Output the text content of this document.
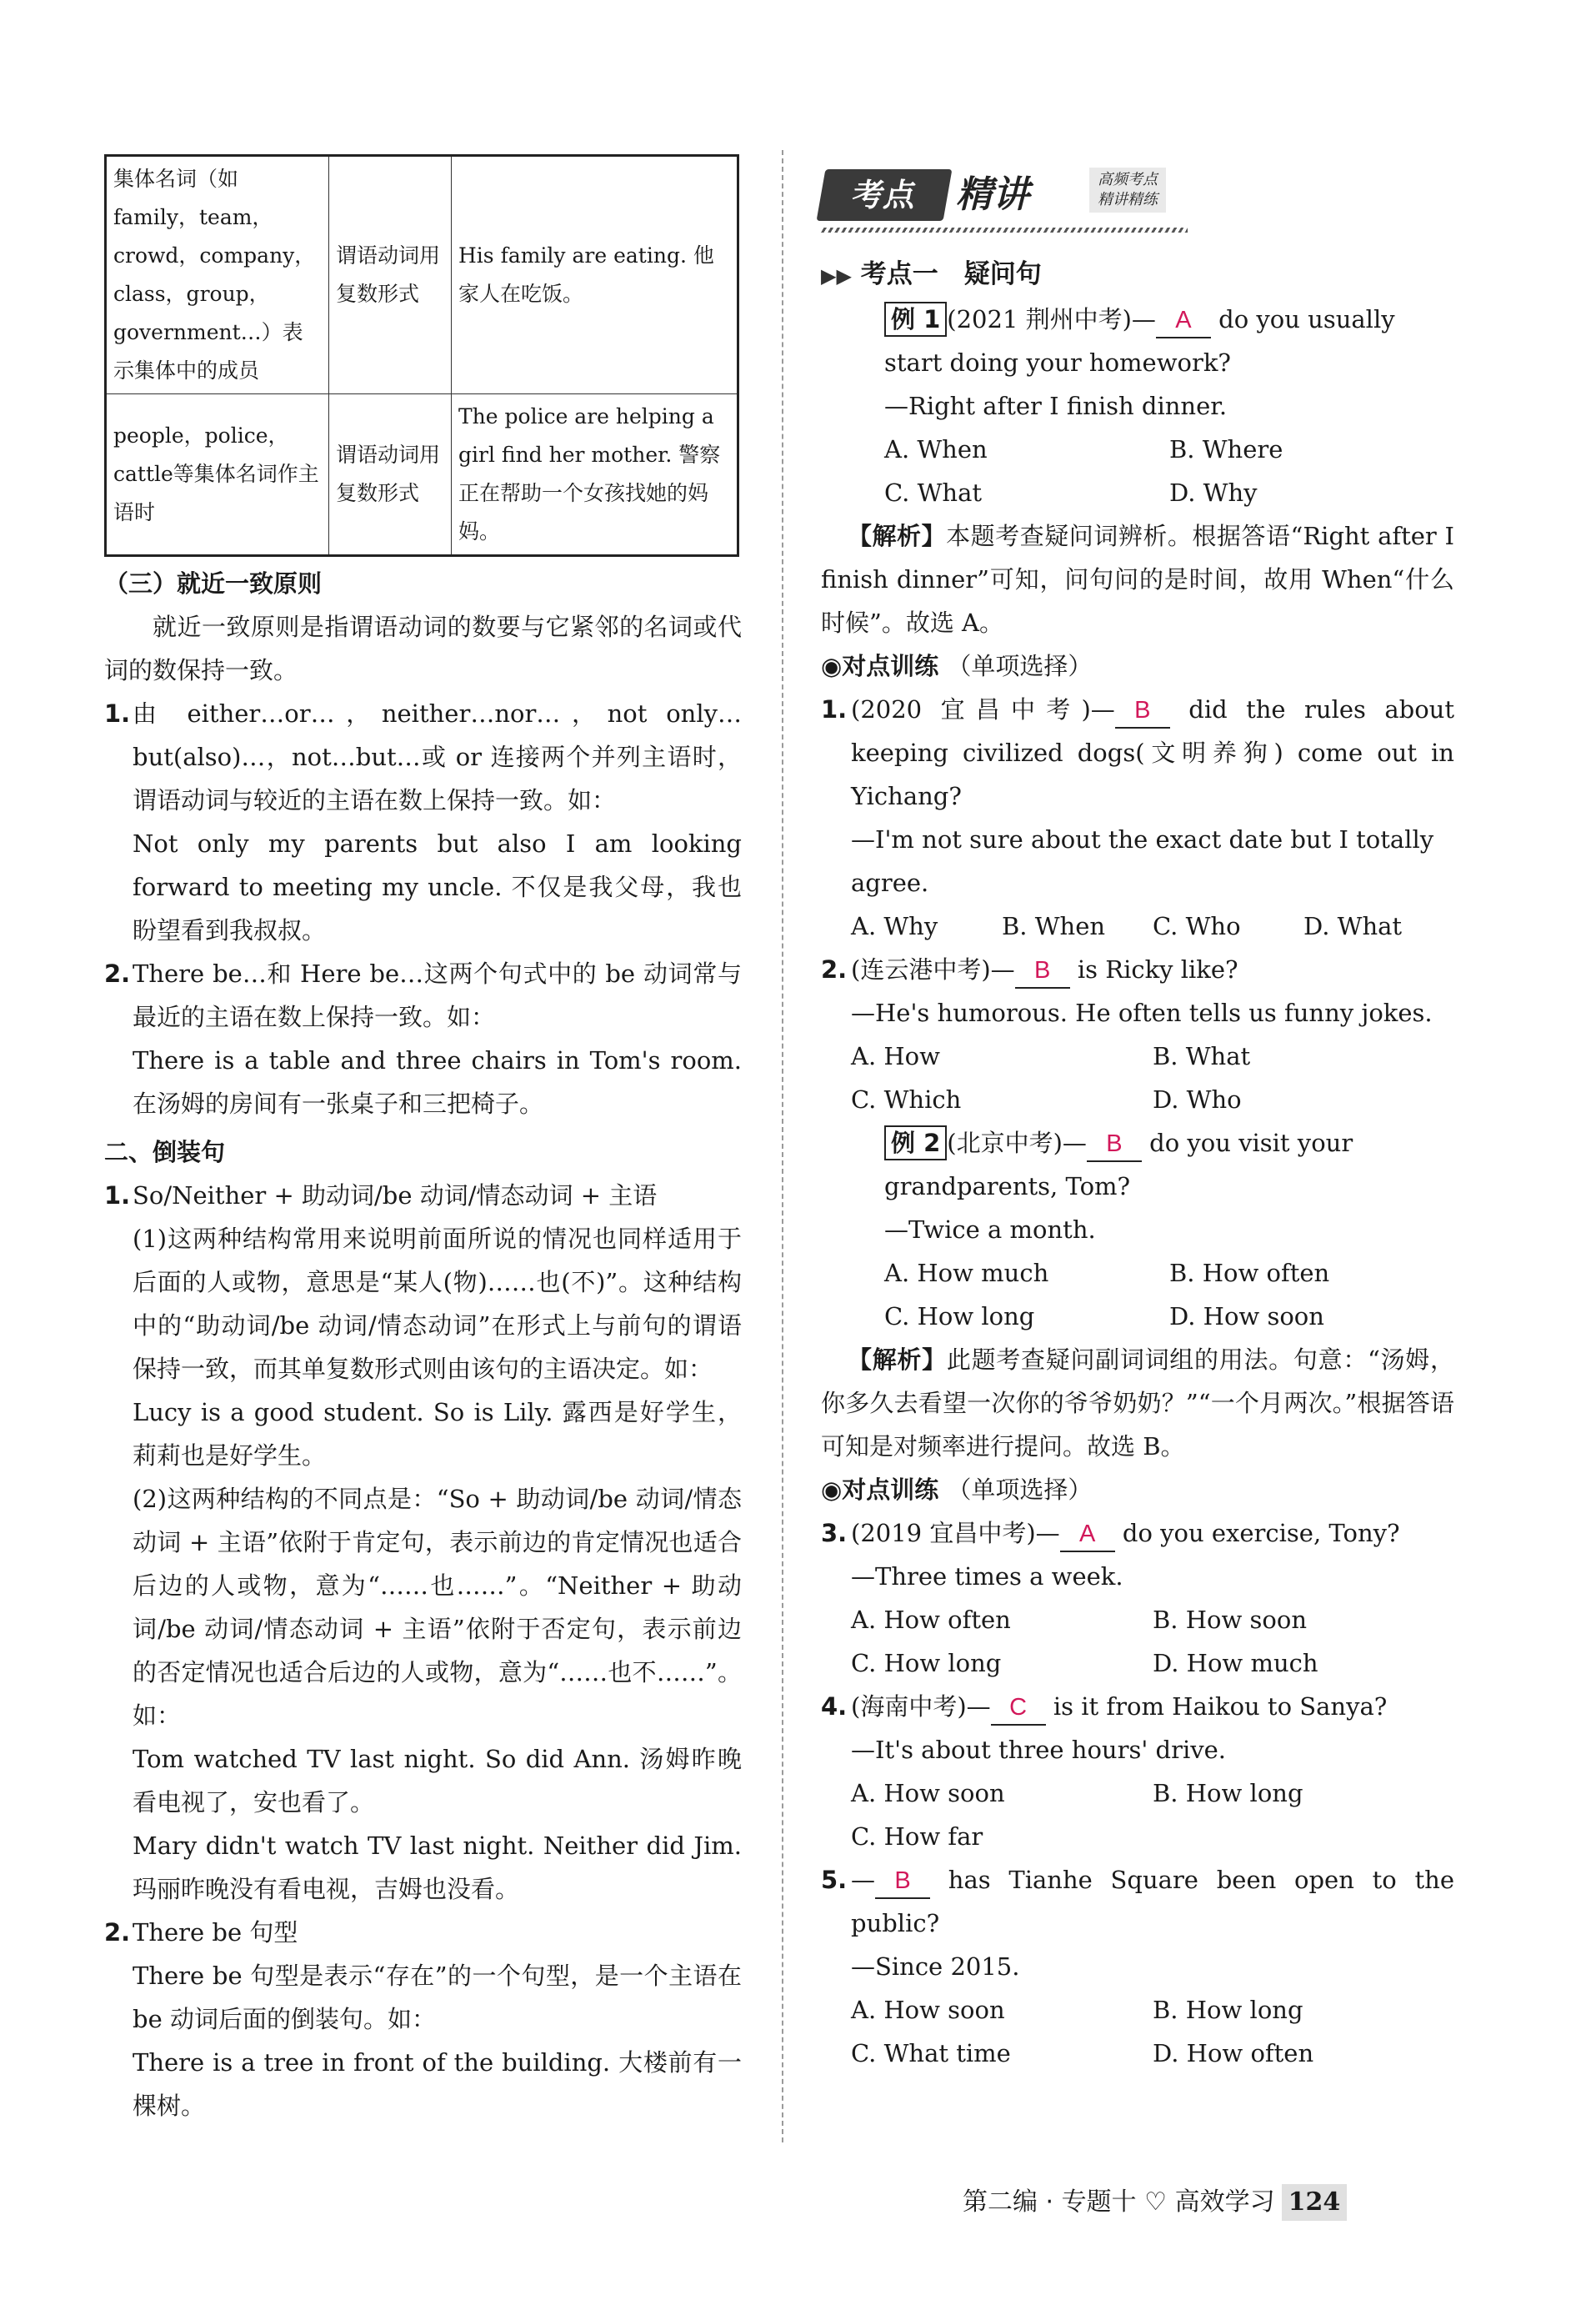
集体名词（如family，team，crowd，company，class，group，government…）表示集体中的成员	谓语动词用复数形式	His family are eating. 他家人在吃饭。
people，police，cattle等集体名词作主语时	谓语动词用复数形式	The police are helping a girl find her mother. 警察正在帮助一个女孩找她的妈妈。
（三）就近一致原则
就近一致原则是指谓语动词的数要与它紧邻的名词或代词的数保持一致。
1. 由 either…or…，neither…nor…，not only…but(also)…，not…but…或 or 连接两个并列主语时，谓语动词与较近的主语在数上保持一致。如：
Not only my parents but also I am looking forward to meeting my uncle. 不仅是我父母，我也盼望看到我叔叔。
2. There be…和 Here be…这两个句式中的 be 动词常与最近的主语在数上保持一致。如：
There is a table and three chairs in Tom's room. 在汤姆的房间有一张桌子和三把椅子。
二、倒装句
1. So/Neither + 助动词/be 动词/情态动词 + 主语
(1)这两种结构常用来说明前面所说的情况也同样适用于后面的人或物，意思是“某人(物)……也(不)”。这种结构中的“助动词/be 动词/情态动词”在形式上与前句的谓语保持一致，而其单复数形式则由该句的主语决定。如：
Lucy is a good student. So is Lily. 露西是好学生，莉莉也是好学生。
(2)这两种结构的不同点是：“So + 助动词/be 动词/情态动词 + 主语”依附于肯定句，表示前边的肯定情况也适合后边的人或物，意为“……也……”。“Neither + 助动词/be 动词/情态动词 + 主语”依附于否定句，表示前边的否定情况也适合后边的人或物，意为“……也不……”。如：
Tom watched TV last night. So did Ann. 汤姆昨晚看电视了，安也看了。
Mary didn't watch TV last night. Neither did Jim. 玛丽昨晚没有看电视，吉姆也没看。
2. There be 句型
There be 句型是表示“存在”的一个句型，是一个主语在 be 动词后面的倒装句。如：
There is a tree in front of the building. 大楼前有一棵树。
考点	精讲	高频考点
精讲精练
▶▶ 考点一　疑问句
例 1 (2021 荆州中考)— A do you usually start doing your homework?
—Right after I finish dinner.
A. When	B. Where
C. What	D. Why
【解析】本题考查疑问词辨析。根据答语“Right after I finish dinner”可知，问句问的是时间，故用 When“什么时候”。故选 A。
◉对点训练 （单项选择）
1. (2020 宜昌中考)— B did the rules about keeping civilized dogs(文明养狗) come out in Yichang?
—I'm not sure about the exact date but I totally agree.
A. Why	B. When	C. Who	D. What
2. (连云港中考)— B is Ricky like?
—He's humorous. He often tells us funny jokes.
A. How	B. What
C. Which	D. Who
例 2 (北京中考)— B do you visit your grandparents, Tom?
—Twice a month.
A. How much	B. How often
C. How long	D. How soon
【解析】此题考查疑问副词词组的用法。句意：“汤姆，你多久去看望一次你的爷爷奶奶？”“一个月两次。”根据答语可知是对频率进行提问。故选 B。
◉对点训练 （单项选择）
3. (2019 宜昌中考)— A do you exercise, Tony?
—Three times a week.
A. How often	B. How soon
C. How long	D. How much
4. (海南中考)— C is it from Haikou to Sanya?
—It's about three hours' drive.
A. How soon	B. How long
C. How far
5. — B has Tianhe Square been open to the public?
—Since 2015.
A. How soon	B. How long
C. What time	D. How often
第二编 · 专题十 ♡ 高效学习 124
